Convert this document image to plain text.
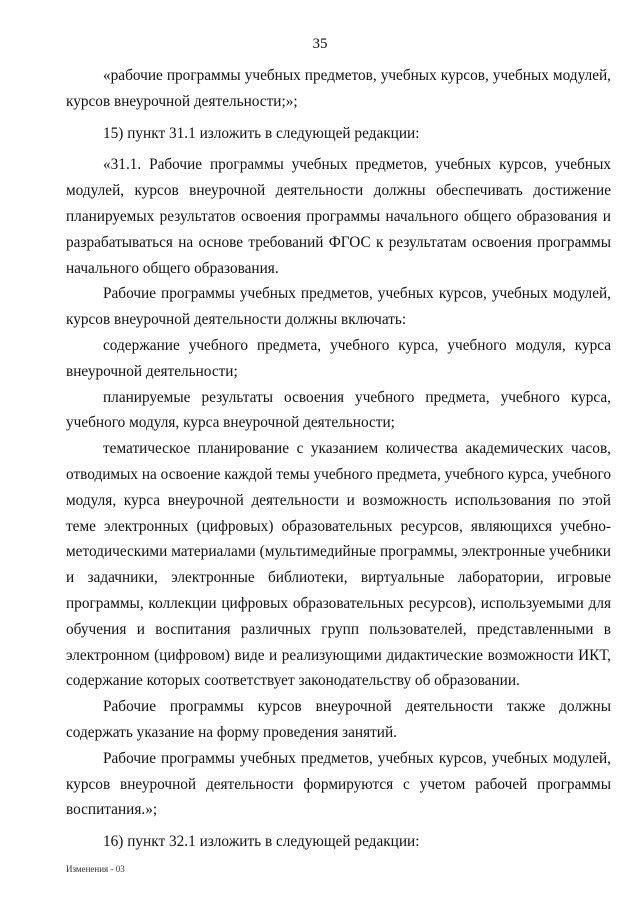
35

«рабочие программы учебных предметов, учебных курсов, учебных модулей, курсов внеурочной деятельности;»;

15) пункт 31.1 изложить в следующей редакции:

«31.1. Рабочие программы учебных предметов, учебных курсов, учебных модулей, курсов внеурочной деятельности должны обеспечивать достижение планируемых результатов освоения программы начального общего образования и разрабатываться на основе требований ФГОС к результатам освоения программы начального общего образования.

Рабочие программы учебных предметов, учебных курсов, учебных модулей, курсов внеурочной деятельности должны включать:

содержание учебного предмета, учебного курса, учебного модуля, курса внеурочной деятельности;

планируемые результаты освоения учебного предмета, учебного курса, учебного модуля, курса внеурочной деятельности;

тематическое планирование с указанием количества академических часов, отводимых на освоение каждой темы учебного предмета, учебного курса, учебного модуля, курса внеурочной деятельности и возможность использования по этой теме электронных (цифровых) образовательных ресурсов, являющихся учебно-методическими материалами (мультимедийные программы, электронные учебники и задачники, электронные библиотеки, виртуальные лаборатории, игровые программы, коллекции цифровых образовательных ресурсов), используемыми для обучения и воспитания различных групп пользователей, представленными в электронном (цифровом) виде и реализующими дидактические возможности ИКТ, содержание которых соответствует законодательству об образовании.

Рабочие программы курсов внеурочной деятельности также должны содержать указание на форму проведения занятий.

Рабочие программы учебных предметов, учебных курсов, учебных модулей, курсов внеурочной деятельности формируются с учетом рабочей программы воспитания.»;

16) пункт 32.1 изложить в следующей редакции:

Изменения - 03
